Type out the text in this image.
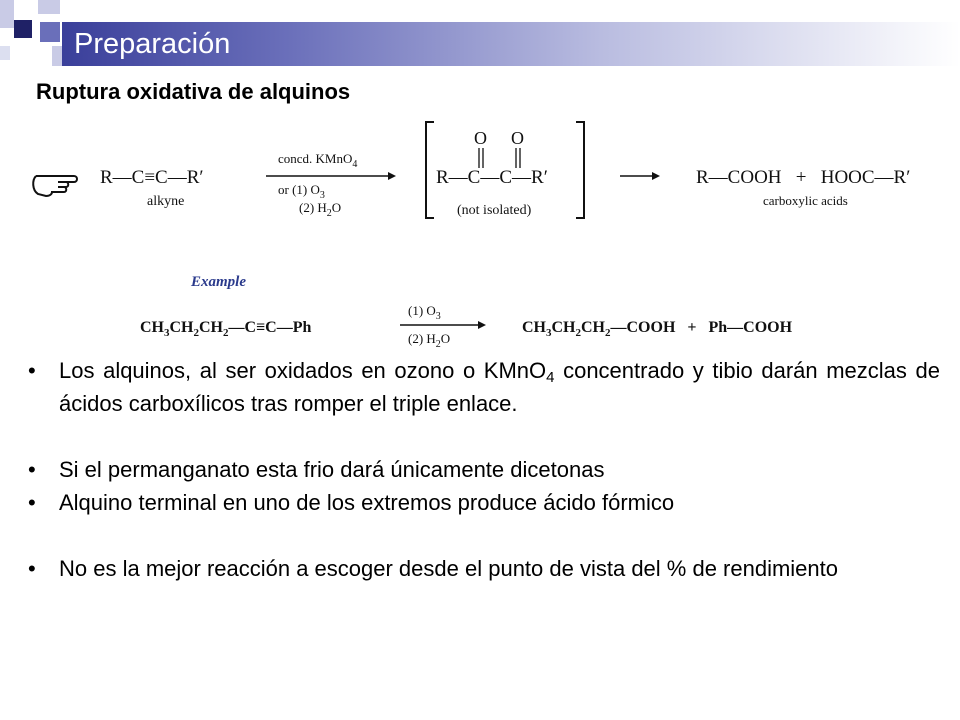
Preparación
Ruptura oxidativa de alquinos
R—C≡C—R′
alkyne
concd. KMnO$_4$
or (1) $O_3$
(2) $H_2O$
O O
R—C—C—R′
(not isolated)
R—COOH   +   HOOC—R′
carboxylic acids
Example
$CH_3CH_2CH_2—C\equiv C—Ph$
(1) $O_3$
(2) $H_2O$
$CH_3CH_2CH_2—COOH$   +   Ph—COOH
• Los alquinos, al ser oxidados en ozono o KMnO$_4$ concentrado y tibio darán mezclas de ácidos carboxílicos tras romper el triple enlace.
• Si el permanganato esta frio dará únicamente dicetonas
• Alquino terminal en uno de los extremos produce ácido fórmico
• No es la mejor reacción a escoger desde el punto de vista del % de rendimiento
